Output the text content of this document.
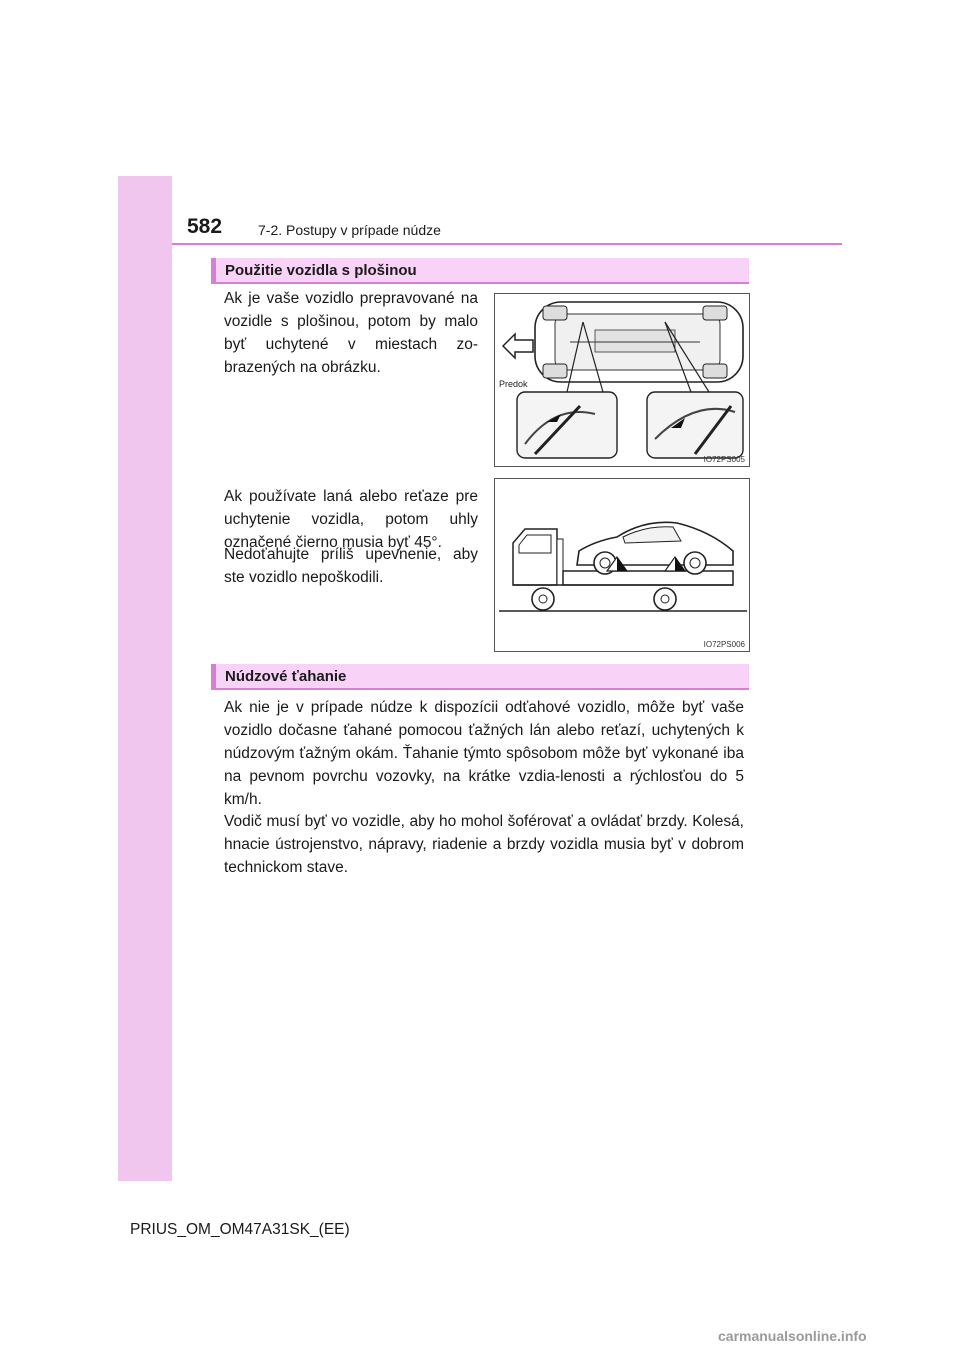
582	7-2. Postupy v prípade núdze
Použitie vozidla s plošinou

Ak je vaše vozidlo prepravované na vozidle s plošinou, potom by malo byť uchytené v miestach zo-brazených na obrázku.

Predok
IO72PS005

Ak používate laná alebo reťaze pre uchytenie vozidla, potom uhly označené čierno musia byť 45°.

Nedoťahujte príliš upevnenie, aby ste vozidlo nepoškodili.

IO72PS006
Núdzové ťahanie

Ak nie je v prípade núdze k dispozícii odťahové vozidlo, môže byť vaše vozidlo dočasne ťahané pomocou ťažných lán alebo reťazí, uchytených k núdzovým ťažným okám. Ťahanie týmto spôsobom môže byť vykonané iba na pevnom povrchu vozovky, na krátke vzdia-lenosti a rýchlosťou do 5 km/h.

Vodič musí byť vo vozidle, aby ho mohol šoférovať a ovládať brzdy. Kolesá, hnacie ústrojenstvo, nápravy, riadenie a brzdy vozidla musia byť v dobrom technickom stave.

PRIUS_OM_OM47A31SK_(EE)
carmanualsonline.info
